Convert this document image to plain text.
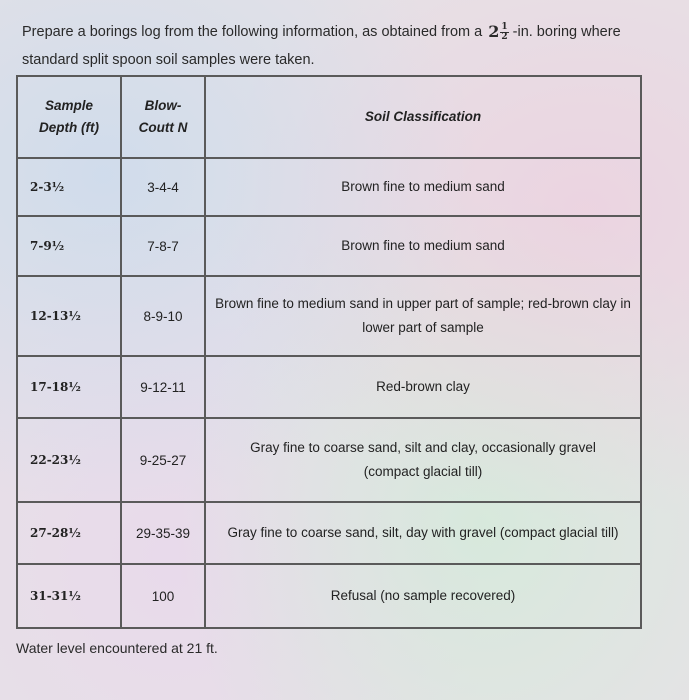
Prepare a borings log from the following information, as obtained from a $2 \frac{1}{2} -in$. boring where standard split spoon soil samples were taken.
Sample Depth (ft)	Blow-Coutt N	Soil Classification
2-3½	3-4-4	Brown fine to medium sand
7-9½	7-8-7	Brown fine to medium sand
12-13½	8-9-10	Brown fine to medium sand in upper part of sample; red-brown clay in lower part of sample
17-18½	9-12-11	Red-brown clay
22-23½	9-25-27	Gray fine to coarse sand, silt and clay, occasionally gravel (compact glacial till)
27-28½	29-35-39	Gray fine to coarse sand, silt, day with gravel (compact glacial till)
31-31½	100	Refusal (no sample recovered)
Water level encountered at 21 ft.
